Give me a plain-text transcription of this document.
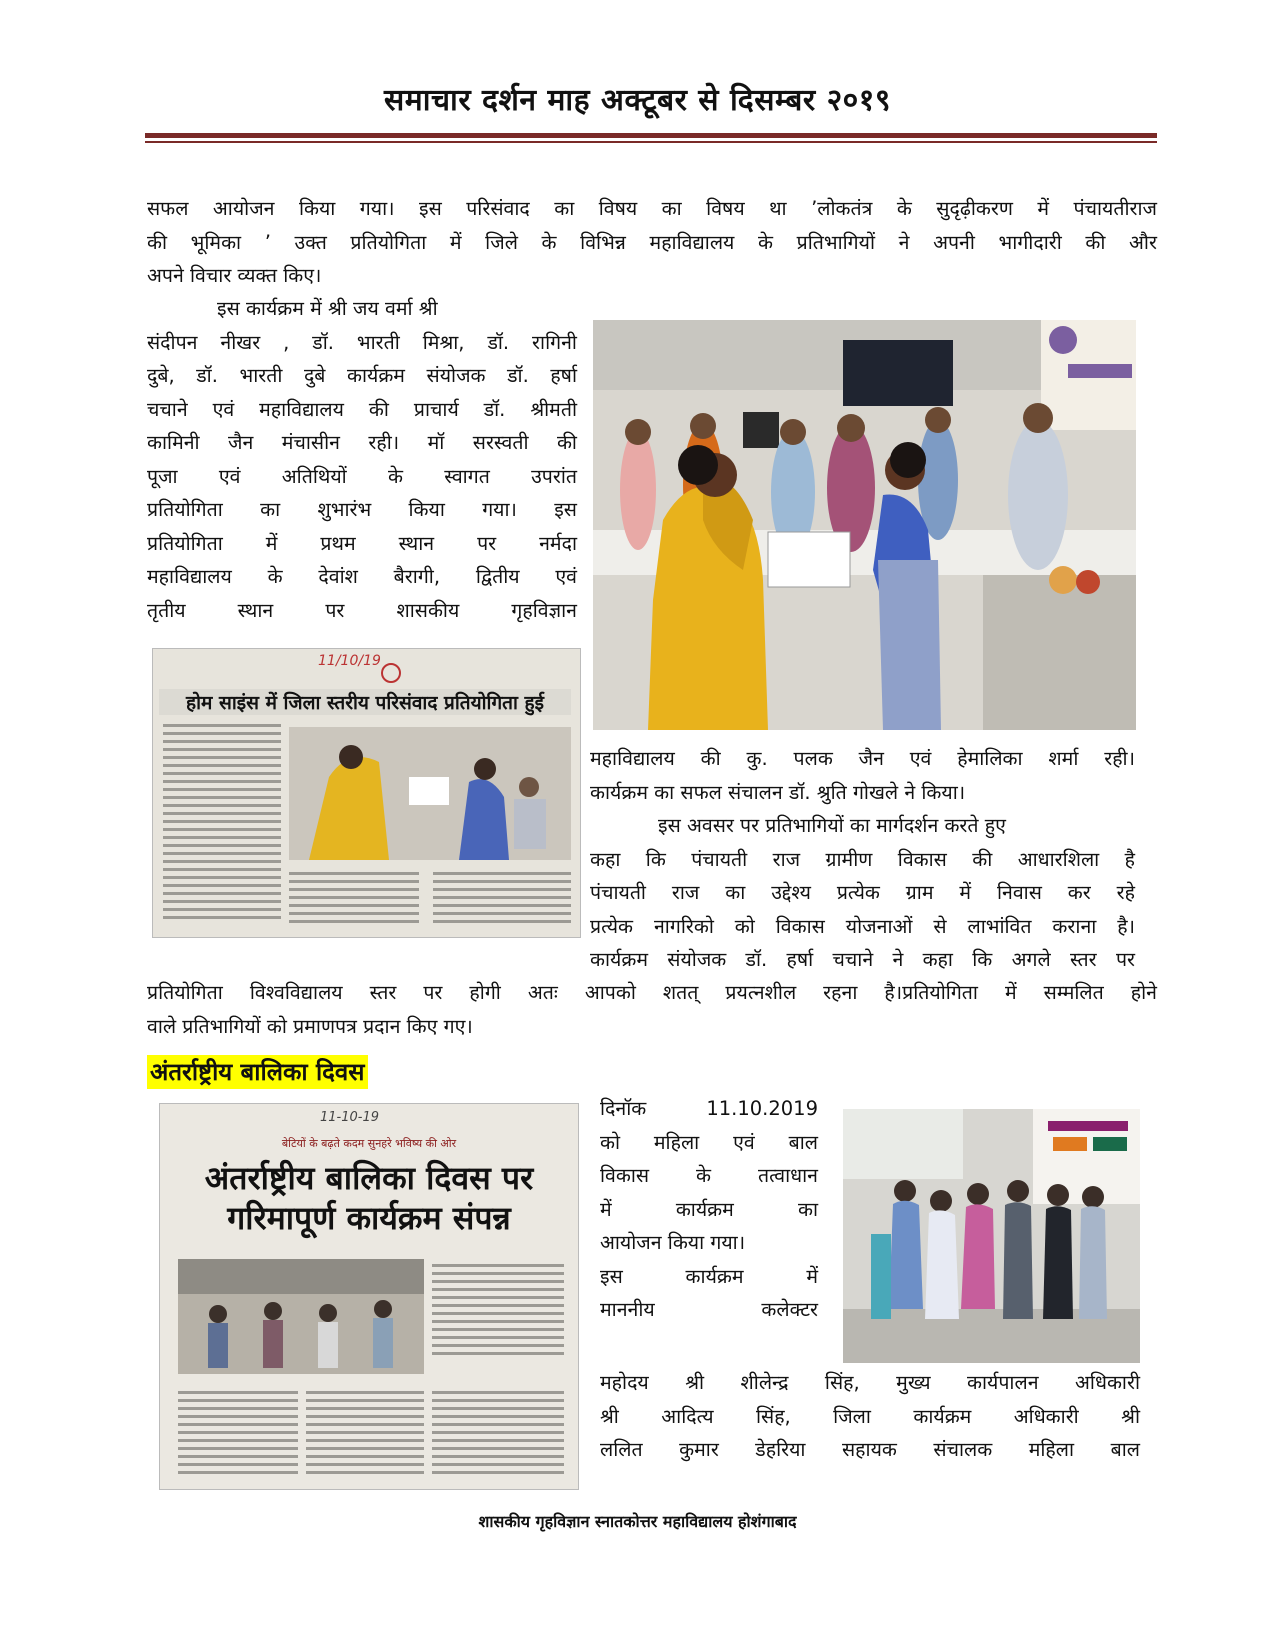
समाचार दर्शन माह अक्टूबर से दिसम्बर २०१९
सफल आयोजन किया गया। इस परिसंवाद का विषय का विषय था ’लोकतंत्र के सुदृढ़ीकरण में पंचायतीराज
की भूमिका ’ उक्त प्रतियोगिता में जिले के विभिन्न महाविद्यालय के प्रतिभागियों ने अपनी भागीदारी की और
अपने विचार व्यक्त किए।
इस कार्यक्रम में श्री जय वर्मा श्री
संदीपन नीखर , डॉ. भारती मिश्रा, डॉ. रागिनी
दुबे, डॉ. भारती दुबे कार्यक्रम संयोजक डॉ. हर्षा
चचाने एवं महाविद्यालय की प्राचार्य डॉ. श्रीमती
कामिनी जैन मंचासीन रही। मॉ सरस्वती की
पूजा एवं अतिथियों के स्वागत उपरांत
प्रतियोगिता का शुभारंभ किया गया। इस
प्रतियोगिता में प्रथम स्थान पर नर्मदा
महाविद्यालय के देवांश बैरागी, द्वितीय एवं
तृतीय स्थान पर शासकीय गृहविज्ञान
11/10/19
होम साइंस में जिला स्तरीय परिसंवाद प्रतियोगिता हुई
महाविद्यालय की कु. पलक जैन एवं हेमालिका शर्मा रही।
कार्यक्रम का सफल संचालन डॉ. श्रुति गोखले ने किया।
इस अवसर पर प्रतिभागियों का मार्गदर्शन करते हुए
कहा कि पंचायती राज ग्रामीण विकास की आधारशिला है
पंचायती राज का उद्देश्य प्रत्येक ग्राम में निवास कर रहे
प्रत्येक नागरिको को विकास योजनाओं से लाभांवित कराना है।
कार्यक्रम संयोजक डॉ. हर्षा चचाने ने कहा कि अगले स्तर पर
प्रतियोगिता विश्वविद्यालय स्तर पर होगी अतः आपको शतत् प्रयत्नशील रहना है।प्रतियोगिता में सम्मलित होने
वाले प्रतिभागियों को प्रमाणपत्र प्रदान किए गए।
अंतर्राष्ट्रीय बालिका दिवस
11-10-19
बेटियों के बढ़ते कदम सुनहरे भविष्य की ओर
अंतर्राष्ट्रीय बालिका दिवस पर
गरिमापूर्ण कार्यक्रम संपन्न
दिनॉक 11.10.2019
को महिला एवं बाल
विकास के तत्वाधान
में कार्यक्रम का
आयोजन किया गया।
इस कार्यक्रम में
माननीय कलेक्टर
महोदय श्री शीलेन्द्र सिंह, मुख्य कार्यपालन अधिकारी
श्री आदित्य सिंह, जिला कार्यक्रम अधिकारी श्री
ललित कुमार डेहरिया सहायक संचालक महिला बाल
शासकीय गृहविज्ञान स्नातकोत्तर महाविद्यालय होशंगाबाद
